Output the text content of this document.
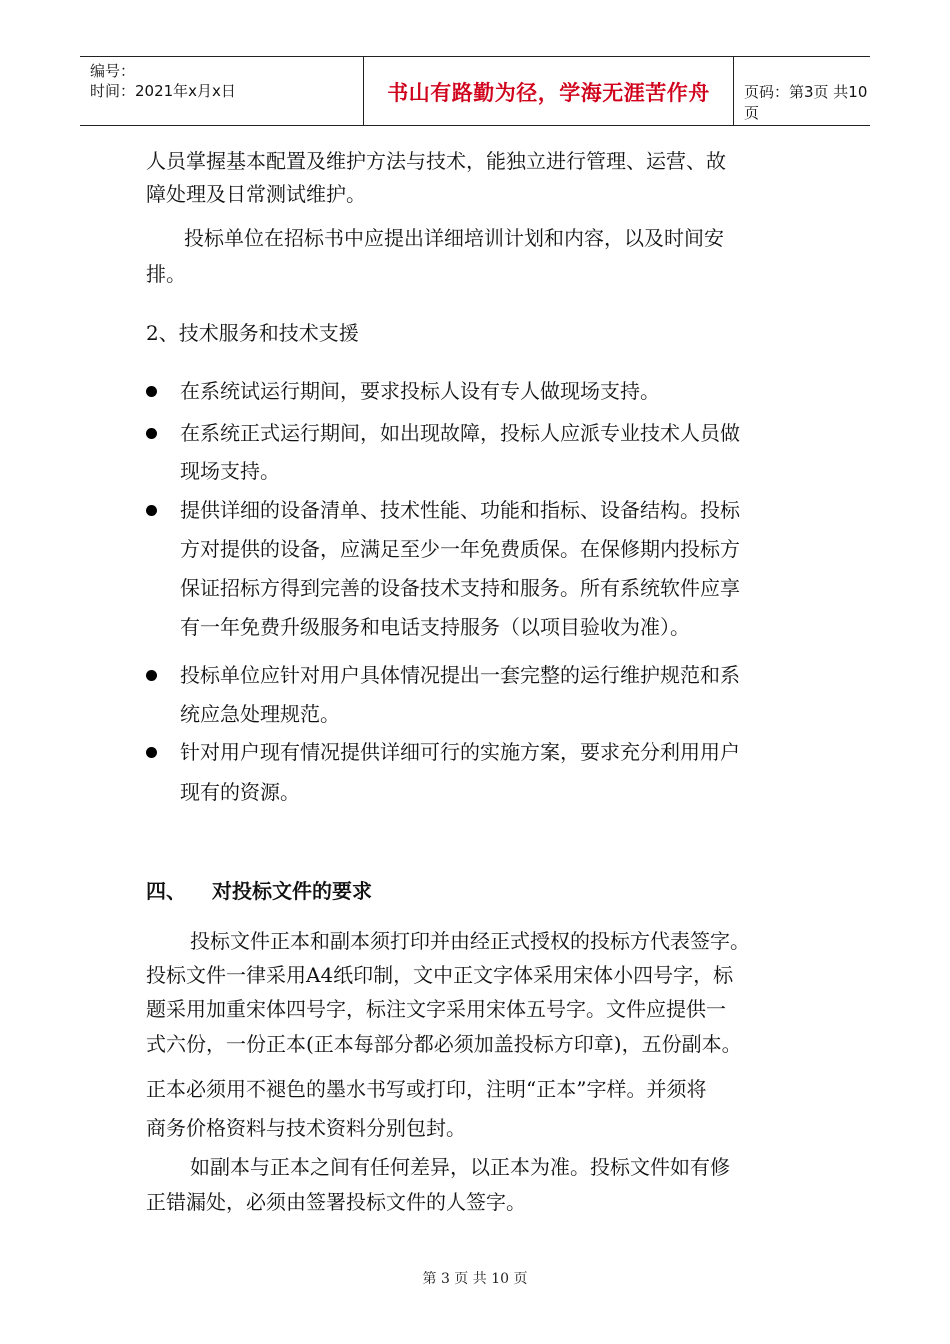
编号：
时间：2021年x月x日	书山有路勤为径，学海无涯苦作舟	页码：第3页 共10页
人员掌握基本配置及维护方法与技术，能独立进行管理、运营、故
障处理及日常测试维护。
投标单位在招标书中应提出详细培训计划和内容，以及时间安
排。
2、技术服务和技术支援
在系统试运行期间，要求投标人设有专人做现场支持。
在系统正式运行期间，如出现故障，投标人应派专业技术人员做
现场支持。
提供详细的设备清单、技术性能、功能和指标、设备结构。投标
方对提供的设备，应满足至少一年免费质保。在保修期内投标方
保证招标方得到完善的设备技术支持和服务。所有系统软件应享
有一年免费升级服务和电话支持服务（以项目验收为准）。
投标单位应针对用户具体情况提出一套完整的运行维护规范和系
统应急处理规范。
针对用户现有情况提供详细可行的实施方案，要求充分利用用户
现有的资源。
四、 对投标文件的要求
投标文件正本和副本须打印并由经正式授权的投标方代表签字。
投标文件一律采用A4纸印制，文中正文字体采用宋体小四号字，标
题采用加重宋体四号字，标注文字采用宋体五号字。文件应提供一
式六份，一份正本(正本每部分都必须加盖投标方印章)，五份副本。
正本必须用不褪色的墨水书写或打印，注明“正本”字样。并须将
商务价格资料与技术资料分别包封。
如副本与正本之间有任何差异，以正本为准。投标文件如有修
正错漏处，必须由签署投标文件的人签字。
第 3 页 共 10 页
